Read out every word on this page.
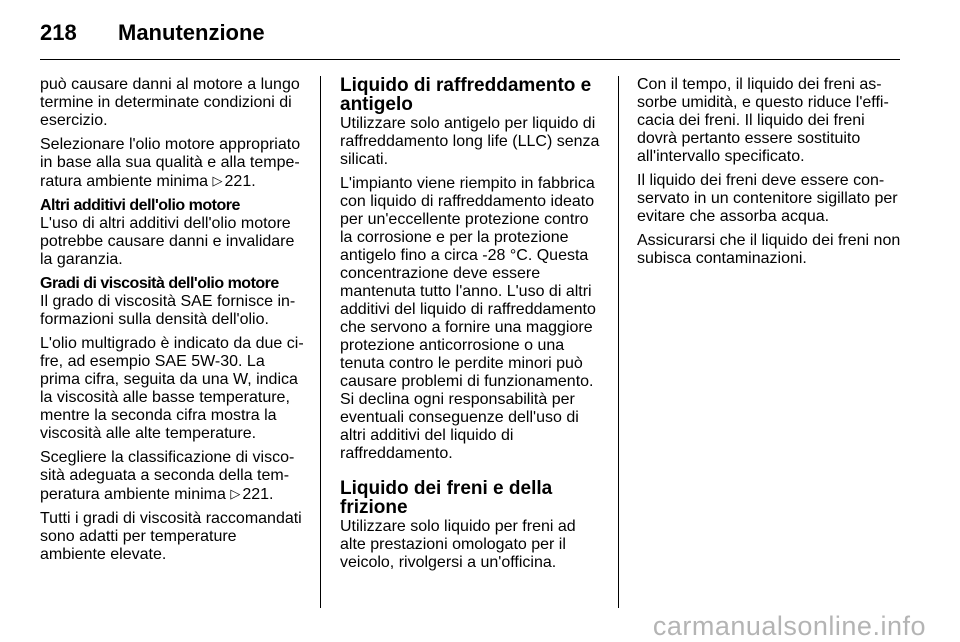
218 Manutenzione

può causare danni al motore a lungo termine in determinate condizioni di esercizio.

Selezionare l'olio motore appropriato in base alla sua qualità e alla temperatura ambiente minima ▷ 221.

Altri additivi dell'olio motore

L'uso di altri additivi dell'olio motore potrebbe causare danni e invalidare la garanzia.

Gradi di viscosità dell'olio motore

Il grado di viscosità SAE fornisce informazioni sulla densità dell'olio.

L'olio multigrado è indicato da due cifre, ad esempio SAE 5W-30. La prima cifra, seguita da una W, indica la viscosità alle basse temperature, mentre la seconda cifra mostra la viscosità alle alte temperature.

Scegliere la classificazione di viscosità adeguata a seconda della temperatura ambiente minima ▷ 221.

Tutti i gradi di viscosità raccomandati sono adatti per temperature ambiente elevate.

Liquido di raffreddamento e antigelo

Utilizzare solo antigelo per liquido di raffreddamento long life (LLC) senza silicati.

L'impianto viene riempito in fabbrica con liquido di raffreddamento ideato per un'eccellente protezione contro la corrosione e per la protezione antigelo fino a circa -28 °C. Questa concentrazione deve essere mantenuta tutto l'anno. L'uso di altri additivi del liquido di raffreddamento che servono a fornire una maggiore protezione anticorrosione o una tenuta contro le perdite minori può causare problemi di funzionamento. Si declina ogni responsabilità per eventuali conseguenze dell'uso di altri additivi del liquido di raffreddamento.

Liquido dei freni e della frizione

Utilizzare solo liquido per freni ad alte prestazioni omologato per il veicolo, rivolgersi a un'officina.

Con il tempo, il liquido dei freni assorbe umidità, e questo riduce l'efficacia dei freni. Il liquido dei freni dovrà pertanto essere sostituito all'intervallo specificato.

Il liquido dei freni deve essere conservato in un contenitore sigillato per evitare che assorba acqua.

Assicurarsi che il liquido dei freni non subisca contaminazioni.

carmanualsonline.info
